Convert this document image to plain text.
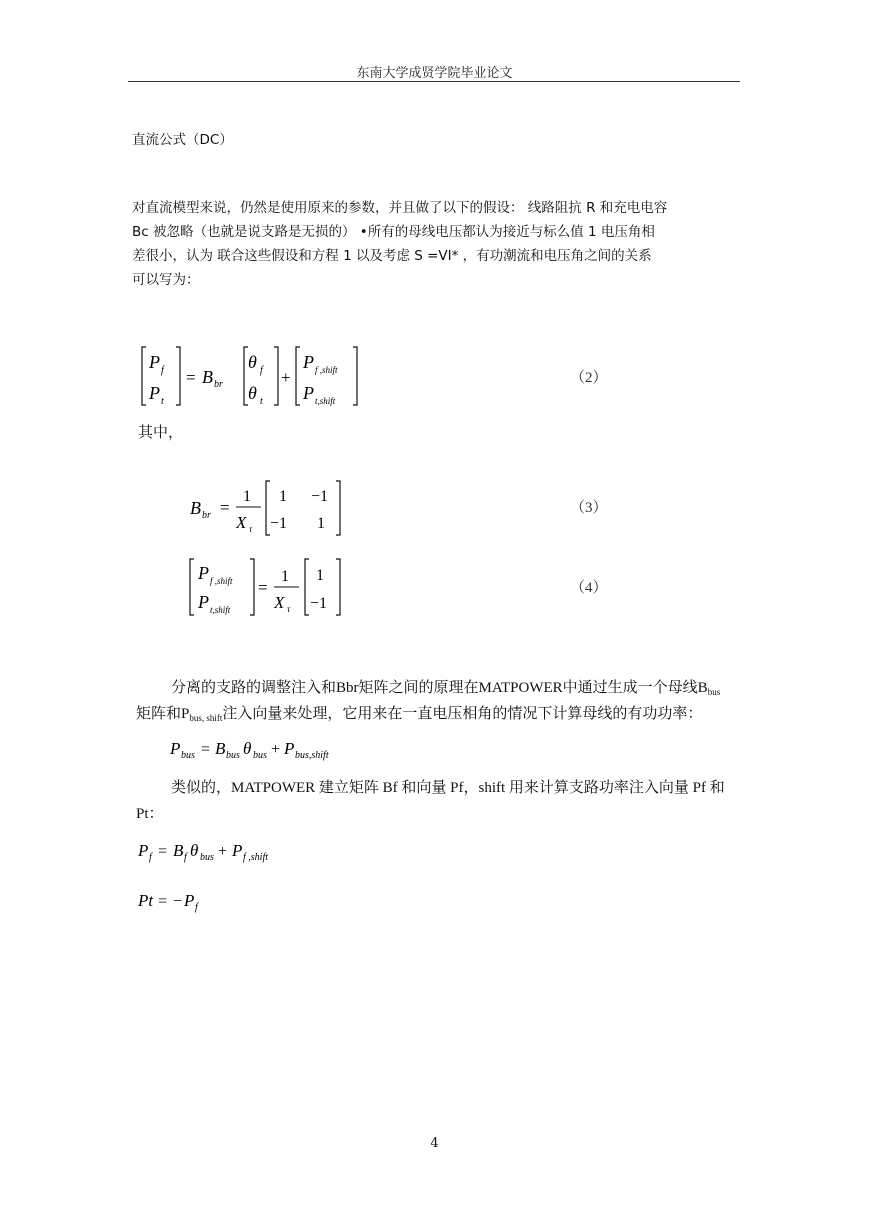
东南大学成贤学院毕业论文
直流公式（DC）
对直流模型来说，仍然是使用原来的参数，并且做了以下的假设： 线路阻抗 R 和充电电容
Bc 被忽略（也就是说支路是无损的） •所有的母线电压都认为接近与标么值 1 电压角相
差很小，认为 联合这些假设和方程 1 以及考虑 S =VI* ，有功潮流和电压角之间的关系
可以写为：
P f
P t
= B br
θ f
θ t
+
P f ,shift
P t,shift
（2）
其中，
B br =
1
X τ
1 −1
−1 1
（3）
P f ,shift
P t,shift
=
1
X τ
1
−1
（4）
分离的支路的调整注入和Bbr矩阵之间的原理在MATPOWER中通过生成一个母线$B_{bus}$
矩阵和$P_{bus, shift}$注入向量来处理，它用来在一直电压相角的情况下计算母线的有功功率：
P bus = B bus θ bus + P bus,shift
类似的，MATPOWER 建立矩阵 Bf 和向量 Pf，shift 用来计算支路功率注入向量 Pf 和
Pt：
P f = B f θ bus + P f ,shift
Pt = − P f
4
